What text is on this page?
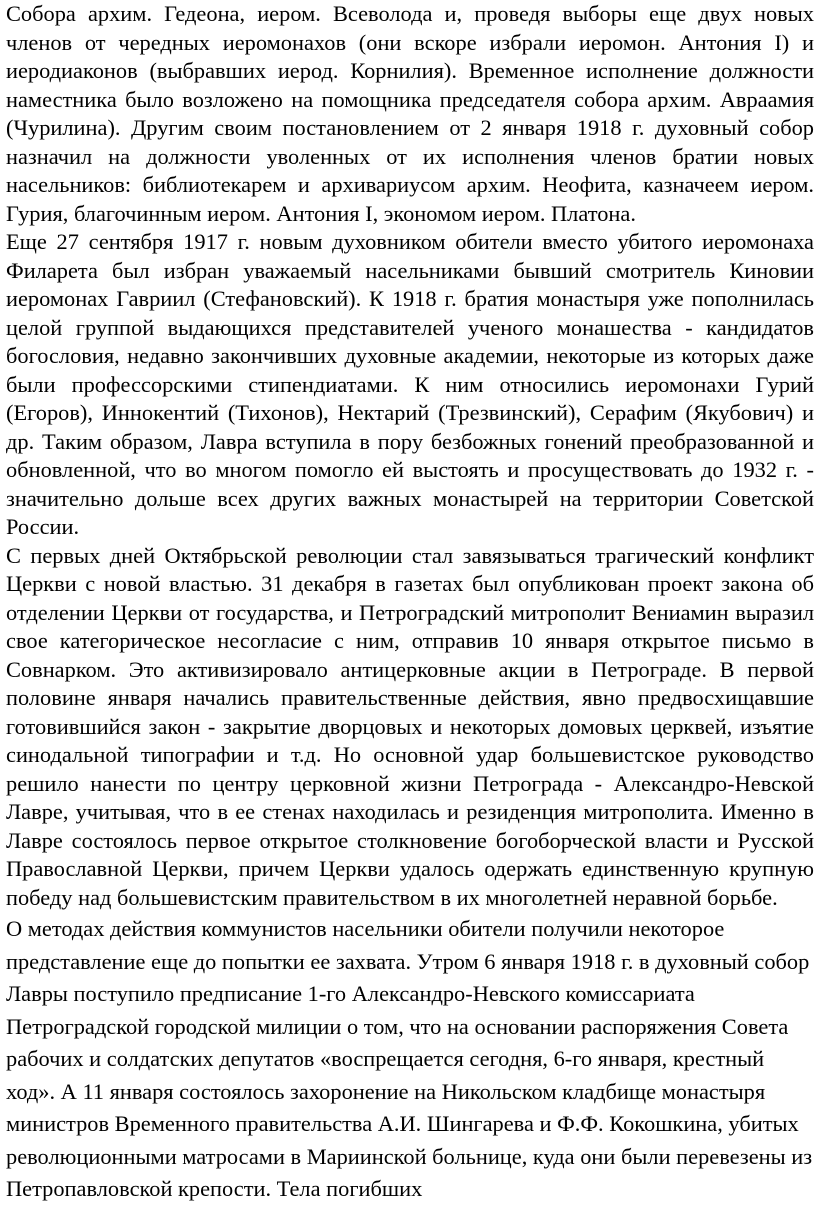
Собора архим. Гедеона, иером. Всеволода и, проведя выборы еще двух новых членов от чередных иеромонахов (они вскоре избрали иеромон. Антония I) и иеродиаконов (выбравших иерод. Корнилия). Временное исполнение должности наместника было возложено на помощника председателя собора архим. Авраамия (Чурилина). Другим своим постановлением от 2 января 1918 г. духовный собор назначил на должности уволенных от их исполнения членов братии новых насельников: библиотекарем и архивариусом архим. Неофита, казначеем иером. Гурия, благочинным иером. Антония I, экономом иером. Платона.

Еще 27 сентября 1917 г. новым духовником обители вместо убитого иеромонаха Филарета был избран уважаемый насельниками бывший смотритель Киновии иеромонах Гавриил (Стефановский). К 1918 г. братия монастыря уже пополнилась целой группой выдающихся представителей ученого монашества - кандидатов богословия, недавно закончивших духовные академии, некоторые из которых даже были профессорскими стипендиатами. К ним относились иеромонахи Гурий (Егоров), Иннокентий (Тихонов), Нектарий (Трезвинский), Серафим (Якубович) и др. Таким образом, Лавра вступила в пору безбожных гонений преобразованной и обновленной, что во многом помогло ей выстоять и просуществовать до 1932 г. - значительно дольше всех других важных монастырей на территории Советской России.

С первых дней Октябрьской революции стал завязываться трагический конфликт Церкви с новой властью. 31 декабря в газетах был опубликован проект закона об отделении Церкви от государства, и Петроградский митрополит Вениамин выразил свое категорическое несогласие с ним, отправив 10 января открытое письмо в Совнарком. Это активизировало антицерковные акции в Петрограде. В первой половине января начались правительственные действия, явно предвосхищавшие готовившийся закон - закрытие дворцовых и некоторых домовых церквей, изъятие синодальной типографии и т.д. Но основной удар большевистское руководство решило нанести по центру церковной жизни Петрограда - Александро-Невской Лавре, учитывая, что в ее стенах находилась и резиденция митрополита. Именно в Лавре состоялось первое открытое столкновение богоборческой власти и Русской Православной Церкви, причем Церкви удалось одержать единственную крупную победу над большевистским правительством в их многолетней неравной борьбе.

О методах действия коммунистов насельники обители получили некоторое представление еще до попытки ее захвата. Утром 6 января 1918 г. в духовный собор Лавры поступило предписание 1-го Александро-Невского комиссариата Петроградской городской милиции о том, что на основании распоряжения Совета рабочих и солдатских депутатов «воспрещается сегодня, 6-го января, крестный ход». А 11 января состоялось захоронение на Никольском кладбище монастыря министров Временного правительства А.И. Шингарева и Ф.Ф. Кокошкина, убитых революционными матросами в Мариинской больнице, куда они были перевезены из Петропавловской крепости. Тела погибших
